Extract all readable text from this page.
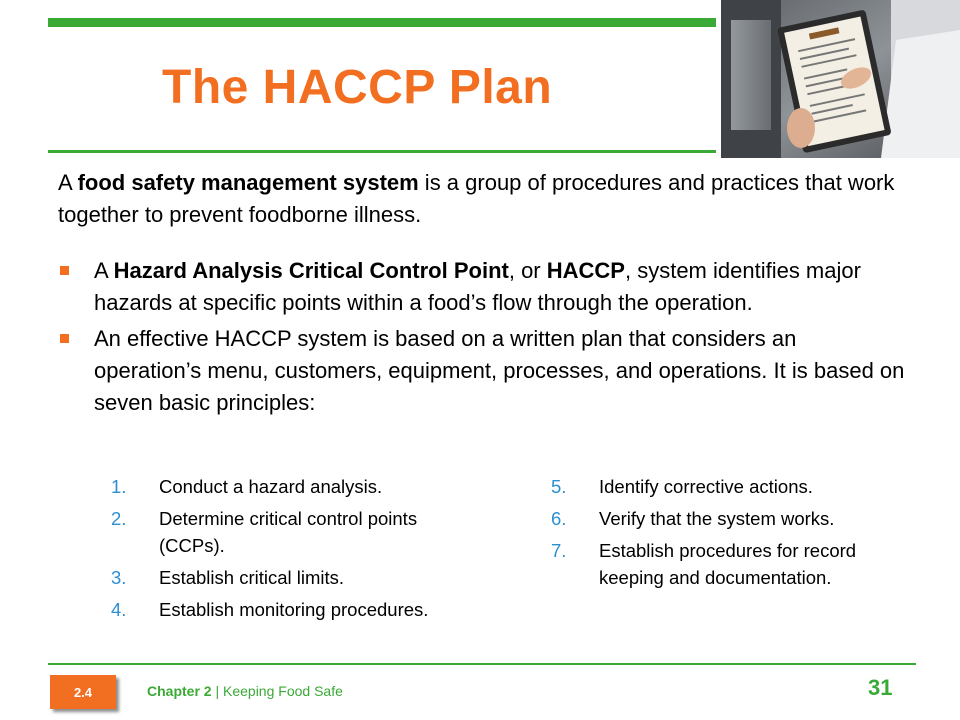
The HACCP Plan
A food safety management system is a group of procedures and practices that work together to prevent foodborne illness.
A Hazard Analysis Critical Control Point, or HACCP, system identifies major hazards at specific points within a food’s flow through the operation.
An effective HACCP system is based on a written plan that considers an operation’s menu, customers, equipment, processes, and operations. It is based on seven basic principles:
1. Conduct a hazard analysis.
2. Determine critical control points (CCPs).
3. Establish critical limits.
4. Establish monitoring procedures.
5. Identify corrective actions.
6. Verify that the system works.
7. Establish procedures for record keeping and documentation.
2.4	Chapter 2 | Keeping Food Safe	31
